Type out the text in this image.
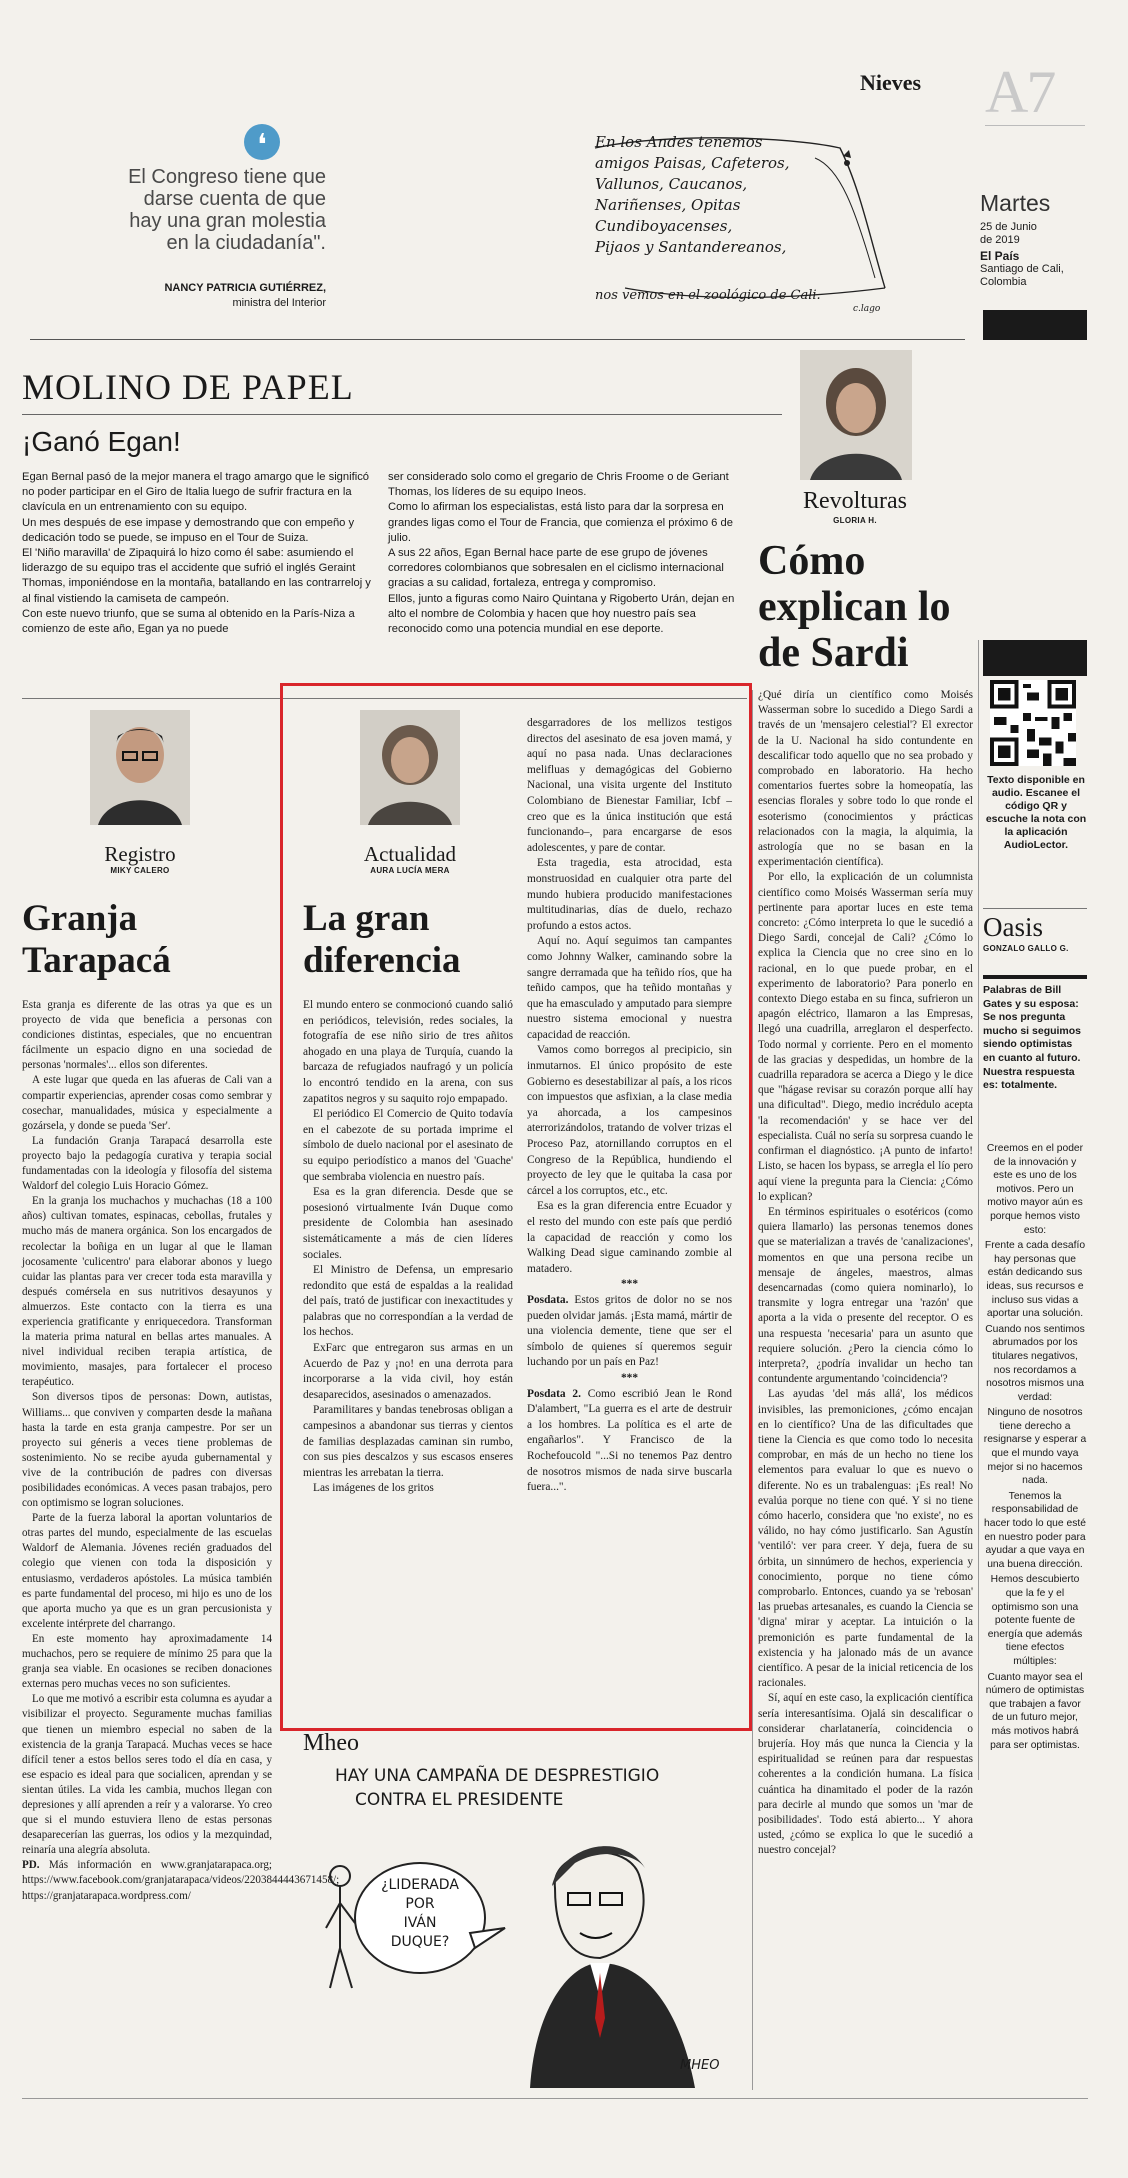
Nieves A7
❛
El Congreso tiene que
darse cuenta de que
hay una gran molestia
en la ciudadanía".
NANCY PATRICIA GUTIÉRREZ,
ministra del Interior
En los Andes tenemos
amigos Paisas, Cafeteros,
Vallunos, Caucanos,
Nariñenses, Opitas
Cundiboyacenses,
Pijaos y Santandereanos,
nos vemos en el zoológico de Cali.
c.lago
Martes
25 de Junio de 2019
El País
Santiago de Cali, Colombia
MOLINO DE PAPEL
¡Ganó Egan!

Egan Bernal pasó de la mejor manera el trago amargo que le significó no poder participar en el Giro de Italia luego de sufrir fractura en la clavícula en un entrenamiento con su equipo.

Un mes después de ese impase y demostrando que con empeño y dedicación todo se puede, se impuso en el Tour de Suiza.

El 'Niño maravilla' de Zipaquirá lo hizo como él sabe: asumiendo el liderazgo de su equipo tras el accidente que sufrió el inglés Geraint Thomas, imponiéndose en la montaña, batallando en las contrarreloj y al final vistiendo la camiseta de campeón.

Con este nuevo triunfo, que se suma al obtenido en la París-Niza a comienzo de este año, Egan ya no puede

ser considerado solo como el gregario de Chris Froome o de Geriant Thomas, los líderes de su equipo Ineos.

Como lo afirman los especialistas, está listo para dar la sorpresa en grandes ligas como el Tour de Francia, que comienza el próximo 6 de julio.

A sus 22 años, Egan Bernal hace parte de ese grupo de jóvenes corredores colombianos que sobresalen en el ciclismo internacional gracias a su calidad, fortaleza, entrega y compromiso.

Ellos, junto a figuras como Nairo Quintana y Rigoberto Urán, dejan en alto el nombre de Colombia y hacen que hoy nuestro país sea reconocido como una potencia mundial en ese deporte.

Revolturas
GLORIA H.
Cómo
explican lo
de Sardi

¿Qué diría un científico como Moisés Wasserman sobre lo sucedido a Diego Sardi a través de un 'mensajero celestial'? El exrector de la U. Nacional ha sido contundente en descalificar todo aquello que no sea probado y comprobado en laboratorio. Ha hecho comentarios fuertes sobre la homeopatía, las esencias florales y sobre todo lo que ronde el esoterismo (conocimientos y prácticas relacionados con la magia, la alquimia, la astrología que no se basan en la experimentación científica).

Por ello, la explicación de un columnista científico como Moisés Wasserman sería muy pertinente para aportar luces en este tema concreto: ¿Cómo interpreta lo que le sucedió a Diego Sardi, concejal de Cali? ¿Cómo lo explica la Ciencia que no cree sino en lo racional, en lo que puede probar, en el experimento de laboratorio? Para ponerlo en contexto Diego estaba en su finca, sufrieron un apagón eléctrico, llamaron a las Empresas, llegó una cuadrilla, arreglaron el desperfecto. Todo normal y corriente. Pero en el momento de las gracias y despedidas, un hombre de la cuadrilla reparadora se acerca a Diego y le dice que "hágase revisar su corazón porque allí hay una dificultad". Diego, medio incrédulo acepta 'la recomendación' y se hace ver del especialista. Cuál no sería su sorpresa cuando le confirman el diagnóstico. ¡A punto de infarto! Listo, se hacen los bypass, se arregla el lío pero aquí viene la pregunta para la Ciencia: ¿Cómo lo explican?

En términos espirituales o esotéricos (como quiera llamarlo) las personas tenemos dones que se materializan a través de 'canalizaciones', momentos en que una persona recibe un mensaje de ángeles, maestros, almas desencarnadas (como quiera nominarlo), lo transmite y logra entregar una 'razón' que aporta a la vida o presente del receptor. O es una respuesta 'necesaria' para un asunto que requiere solución. ¿Pero la ciencia cómo lo interpreta?, ¿podría invalidar un hecho tan contundente argumentando 'coincidencia'?

Las ayudas 'del más allá', los médicos invisibles, las premoniciones, ¿cómo encajan en lo científico? Una de las dificultades que tiene la Ciencia es que como todo lo necesita comprobar, en más de un hecho no tiene los elementos para evaluar lo que es nuevo o diferente. No es un trabalenguas: ¡Es real! No evalúa porque no tiene con qué. Y si no tiene cómo hacerlo, considera que 'no existe', no es válido, no hay cómo justificarlo. San Agustín 'ventiló': ver para creer. Y deja, fuera de su órbita, un sinnúmero de hechos, experiencia y conocimiento, porque no tiene cómo comprobarlo. Entonces, cuando ya se 'rebosan' las pruebas artesanales, es cuando la Ciencia se 'digna' mirar y aceptar. La intuición o la premonición es parte fundamental de la existencia y ha jalonado más de un avance científico. A pesar de la inicial reticencia de los racionales.

Sí, aquí en este caso, la explicación científica sería interesantísima. Ojalá sin descalificar o considerar charlatanería, coincidencia o brujería. Hoy más que nunca la Ciencia y la espiritualidad se reúnen para dar respuestas coherentes a la condición humana. La física cuántica ha dinamitado el poder de la razón para decirle al mundo que somos un 'mar de posibilidades'. Todo está abierto... Y ahora usted, ¿cómo se explica lo que le sucedió a nuestro concejal?

Texto disponible en audio. Escanee el código QR y escuche la nota con la aplicación AudioLector.
Oasis
GONZALO GALLO G.
Palabras de Bill Gates y su esposa: Se nos pregunta mucho si seguimos siendo optimistas en cuanto al futuro. Nuestra respuesta es: totalmente.

Creemos en el poder de la innovación y este es uno de los motivos. Pero un motivo mayor aún es porque hemos visto esto:

Frente a cada desafío hay personas que están dedicando sus ideas, sus recursos e incluso sus vidas a aportar una solución.

Cuando nos sentimos abrumados por los titulares negativos, nos recordamos a nosotros mismos una verdad:

Ninguno de nosotros tiene derecho a resignarse y esperar a que el mundo vaya mejor si no hacemos nada.

Tenemos la responsabilidad de hacer todo lo que esté en nuestro poder para ayudar a que vaya en una buena dirección.

Hemos descubierto que la fe y el optimismo son una potente fuente de energía que además tiene efectos múltiples:

Cuanto mayor sea el número de optimistas que trabajen a favor de un futuro mejor, más motivos habrá para ser optimistas.

Registro
MIKY CALERO
Granja
Tarapacá

Esta granja es diferente de las otras ya que es un proyecto de vida que beneficia a personas con condiciones distintas, especiales, que no encuentran fácilmente un espacio digno en una sociedad de personas 'normales'... ellos son diferentes.

A este lugar que queda en las afueras de Cali van a compartir experiencias, aprender cosas como sembrar y cosechar, manualidades, música y especialmente a gozársela, y donde se pueda 'Ser'.

La fundación Granja Tarapacá desarrolla este proyecto bajo la pedagogía curativa y terapia social fundamentadas con la ideología y filosofía del sistema Waldorf del colegio Luis Horacio Gómez.

En la granja los muchachos y muchachas (18 a 100 años) cultivan tomates, espinacas, cebollas, frutales y mucho más de manera orgánica. Son los encargados de recolectar la boñiga en un lugar al que le llaman jocosamente 'culicentro' para elaborar abonos y luego cuidar las plantas para ver crecer toda esta maravilla y después comérsela en sus nutritivos desayunos y almuerzos. Este contacto con la tierra es una experiencia gratificante y enriquecedora. Transforman la materia prima natural en bellas artes manuales. A nivel individual reciben terapia artística, de movimiento, masajes, para fortalecer el proceso terapéutico.

Son diversos tipos de personas: Down, autistas, Williams... que conviven y comparten desde la mañana hasta la tarde en esta granja campestre. Por ser un proyecto sui géneris a veces tiene problemas de sostenimiento. No se recibe ayuda gubernamental y vive de la contribución de padres con diversas posibilidades económicas. A veces pasan trabajos, pero con optimismo se logran soluciones.

Parte de la fuerza laboral la aportan voluntarios de otras partes del mundo, especialmente de las escuelas Waldorf de Alemania. Jóvenes recién graduados del colegio que vienen con toda la disposición y entusiasmo, verdaderos apóstoles. La música también es parte fundamental del proceso, mi hijo es uno de los que aporta mucho ya que es un gran percusionista y excelente intérprete del charrango.

En este momento hay aproximadamente 14 muchachos, pero se requiere de mínimo 25 para que la granja sea viable. En ocasiones se reciben donaciones externas pero muchas veces no son suficientes.

Lo que me motivó a escribir esta columna es ayudar a visibilizar el proyecto. Seguramente muchas familias que tienen un miembro especial no saben de la existencia de la granja Tarapacá. Muchas veces se hace difícil tener a estos bellos seres todo el día en casa, y ese espacio es ideal para que socialicen, aprendan y se sientan útiles. La vida les cambia, muchos llegan con depresiones y allí aprenden a reír y a valorarse. Yo creo que si el mundo estuviera lleno de estas personas desaparecerían las guerras, los odios y la mezquindad, reinaría una alegría absoluta.

PD. Más información en www.granjatarapaca.org; https://www.facebook.com/granjatarapaca/videos/2203844443671458/; https://granjatarapaca.wordpress.com/

Actualidad
AURA LUCÍA MERA
La gran
diferencia

El mundo entero se conmocionó cuando salió en periódicos, televisión, redes sociales, la fotografía de ese niño sirio de tres añitos ahogado en una playa de Turquía, cuando la barcaza de refugiados naufragó y un policía lo encontró tendido en la arena, con sus zapatitos negros y su saquito rojo empapado.

El periódico El Comercio de Quito todavía en el cabezote de su portada imprime el símbolo de duelo nacional por el asesinato de su equipo periodístico a manos del 'Guache' que sembraba violencia en nuestro país.

Esa es la gran diferencia. Desde que se posesionó virtualmente Iván Duque como presidente de Colombia han asesinado sistemáticamente a más de cien líderes sociales.

El Ministro de Defensa, un empresario redondito que está de espaldas a la realidad del país, trató de justificar con inexactitudes y palabras que no correspondían a la verdad de los hechos.

ExFarc que entregaron sus armas en un Acuerdo de Paz y ¡no! en una derrota para incorporarse a la vida civil, hoy están desaparecidos, asesinados o amenazados.

Paramilitares y bandas tenebrosas obligan a campesinos a abandonar sus tierras y cientos de familias desplazadas caminan sin rumbo, con sus pies descalzos y sus escasos enseres mientras les arrebatan la tierra.

Las imágenes de los gritos

desgarradores de los mellizos testigos directos del asesinato de esa joven mamá, y aquí no pasa nada. Unas declaraciones melifluas y demagógicas del Gobierno Nacional, una visita urgente del Instituto Colombiano de Bienestar Familiar, Icbf –creo que es la única institución que está funcionando–, para encargarse de esos adolescentes, y pare de contar.

Esta tragedia, esta atrocidad, esta monstruosidad en cualquier otra parte del mundo hubiera producido manifestaciones multitudinarias, días de duelo, rechazo profundo a estos actos.

Aquí no. Aquí seguimos tan campantes como Johnny Walker, caminando sobre la sangre derramada que ha teñido ríos, que ha teñido campos, que ha teñido montañas y que ha emasculado y amputado para siempre nuestro sistema emocional y nuestra capacidad de reacción.

Vamos como borregos al precipicio, sin inmutarnos. El único propósito de este Gobierno es desestabilizar al país, a los ricos con impuestos que asfixian, a la clase media ya ahorcada, a los campesinos aterrorizándolos, tratando de volver trizas el Proceso Paz, atornillando corruptos en el Congreso de la República, hundiendo el proyecto de ley que le quitaba la casa por cárcel a los corruptos, etc., etc.

Esa es la gran diferencia entre Ecuador y el resto del mundo con este país que perdió la capacidad de reacción y como los Walking Dead sigue caminando zombie al matadero.

***

Posdata. Estos gritos de dolor no se nos pueden olvidar jamás. ¡Esta mamá, mártir de una violencia demente, tiene que ser el símbolo de quienes sí queremos seguir luchando por un país en Paz!

***

Posdata 2. Como escribió Jean le Rond D'alambert, "La guerra es el arte de destruir a los hombres. La política es el arte de engañarlos". Y Francisco de la Rochefoucold "...Si no tenemos Paz dentro de nosotros mismos de nada sirve buscarla fuera...".

Mheo
HAY UNA CAMPAÑA DE DESPRESTIGIO
CONTRA EL PRESIDENTE
¿LIDERADA
POR
IVÁN
DUQUE?
MHEO
